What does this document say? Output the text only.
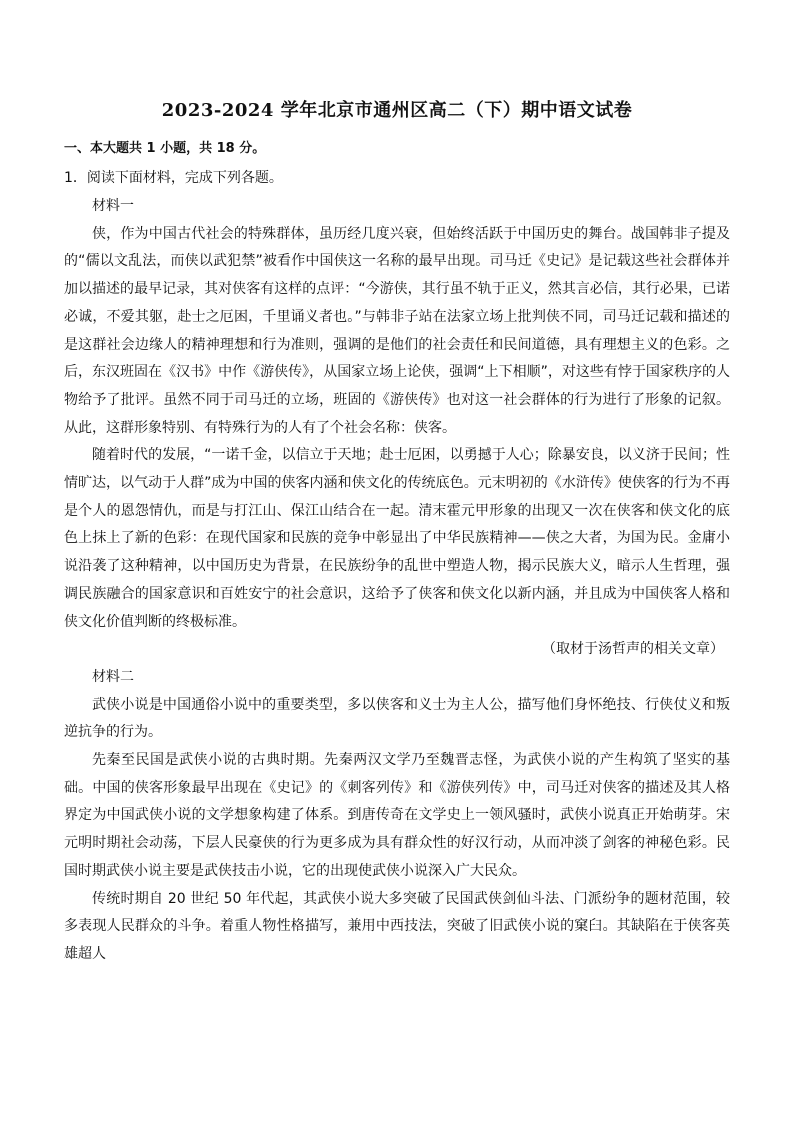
2023-2024 学年北京市通州区高二（下）期中语文试卷
一、本大题共 1 小题，共 18 分。
1．阅读下面材料，完成下列各题。

材料一

侠，作为中国古代社会的特殊群体，虽历经几度兴衰，但始终活跃于中国历史的舞台。战国韩非子提及的“儒以文乱法，而侠以武犯禁”被看作中国侠这一名称的最早出现。司马迁《史记》是记载这些社会群体并加以描述的最早记录，其对侠客有这样的点评：“今游侠，其行虽不轨于正义，然其言必信，其行必果，已诺必诚，不爱其躯，赴士之厄困，千里诵义者也。”与韩非子站在法家立场上批判侠不同，司马迁记载和描述的是这群社会边缘人的精神理想和行为准则，强调的是他们的社会责任和民间道德，具有理想主义的色彩。之后，东汉班固在《汉书》中作《游侠传》，从国家立场上论侠，强调“上下相顺”，对这些有悖于国家秩序的人物给予了批评。虽然不同于司马迁的立场，班固的《游侠传》也对这一社会群体的行为进行了形象的记叙。从此，这群形象特别、有特殊行为的人有了个社会名称：侠客。

随着时代的发展，“一诺千金，以信立于天地；赴士厄困，以勇撼于人心；除暴安良，以义济于民间；性情旷达，以气动于人群”成为中国的侠客内涵和侠文化的传统底色。元末明初的《水浒传》使侠客的行为不再是个人的恩怨情仇，而是与打江山、保江山结合在一起。清末霍元甲形象的出现又一次在侠客和侠文化的底色上抹上了新的色彩：在现代国家和民族的竞争中彰显出了中华民族精神——侠之大者，为国为民。金庸小说沿袭了这种精神，以中国历史为背景，在民族纷争的乱世中塑造人物，揭示民族大义，暗示人生哲理，强调民族融合的国家意识和百姓安宁的社会意识，这给予了侠客和侠文化以新内涵，并且成为中国侠客人格和侠文化价值判断的终极标准。

（取材于汤哲声的相关文章）

材料二

武侠小说是中国通俗小说中的重要类型，多以侠客和义士为主人公，描写他们身怀绝技、行侠仗义和叛逆抗争的行为。

先秦至民国是武侠小说的古典时期。先秦两汉文学乃至魏晋志怪，为武侠小说的产生构筑了坚实的基础。中国的侠客形象最早出现在《史记》的《刺客列传》和《游侠列传》中，司马迁对侠客的描述及其人格界定为中国武侠小说的文学想象构建了体系。到唐传奇在文学史上一领风骚时，武侠小说真正开始萌芽。宋元明时期社会动荡，下层人民豪侠的行为更多成为具有群众性的好汉行动，从而冲淡了剑客的神秘色彩。民国时期武侠小说主要是武侠技击小说，它的出现使武侠小说深入广大民众。

传统时期自 20 世纪 50 年代起，其武侠小说大多突破了民国武侠剑仙斗法、门派纷争的题材范围，较多表现人民群众的斗争。着重人物性格描写，兼用中西技法，突破了旧武侠小说的窠臼。其缺陷在于侠客英雄超人
